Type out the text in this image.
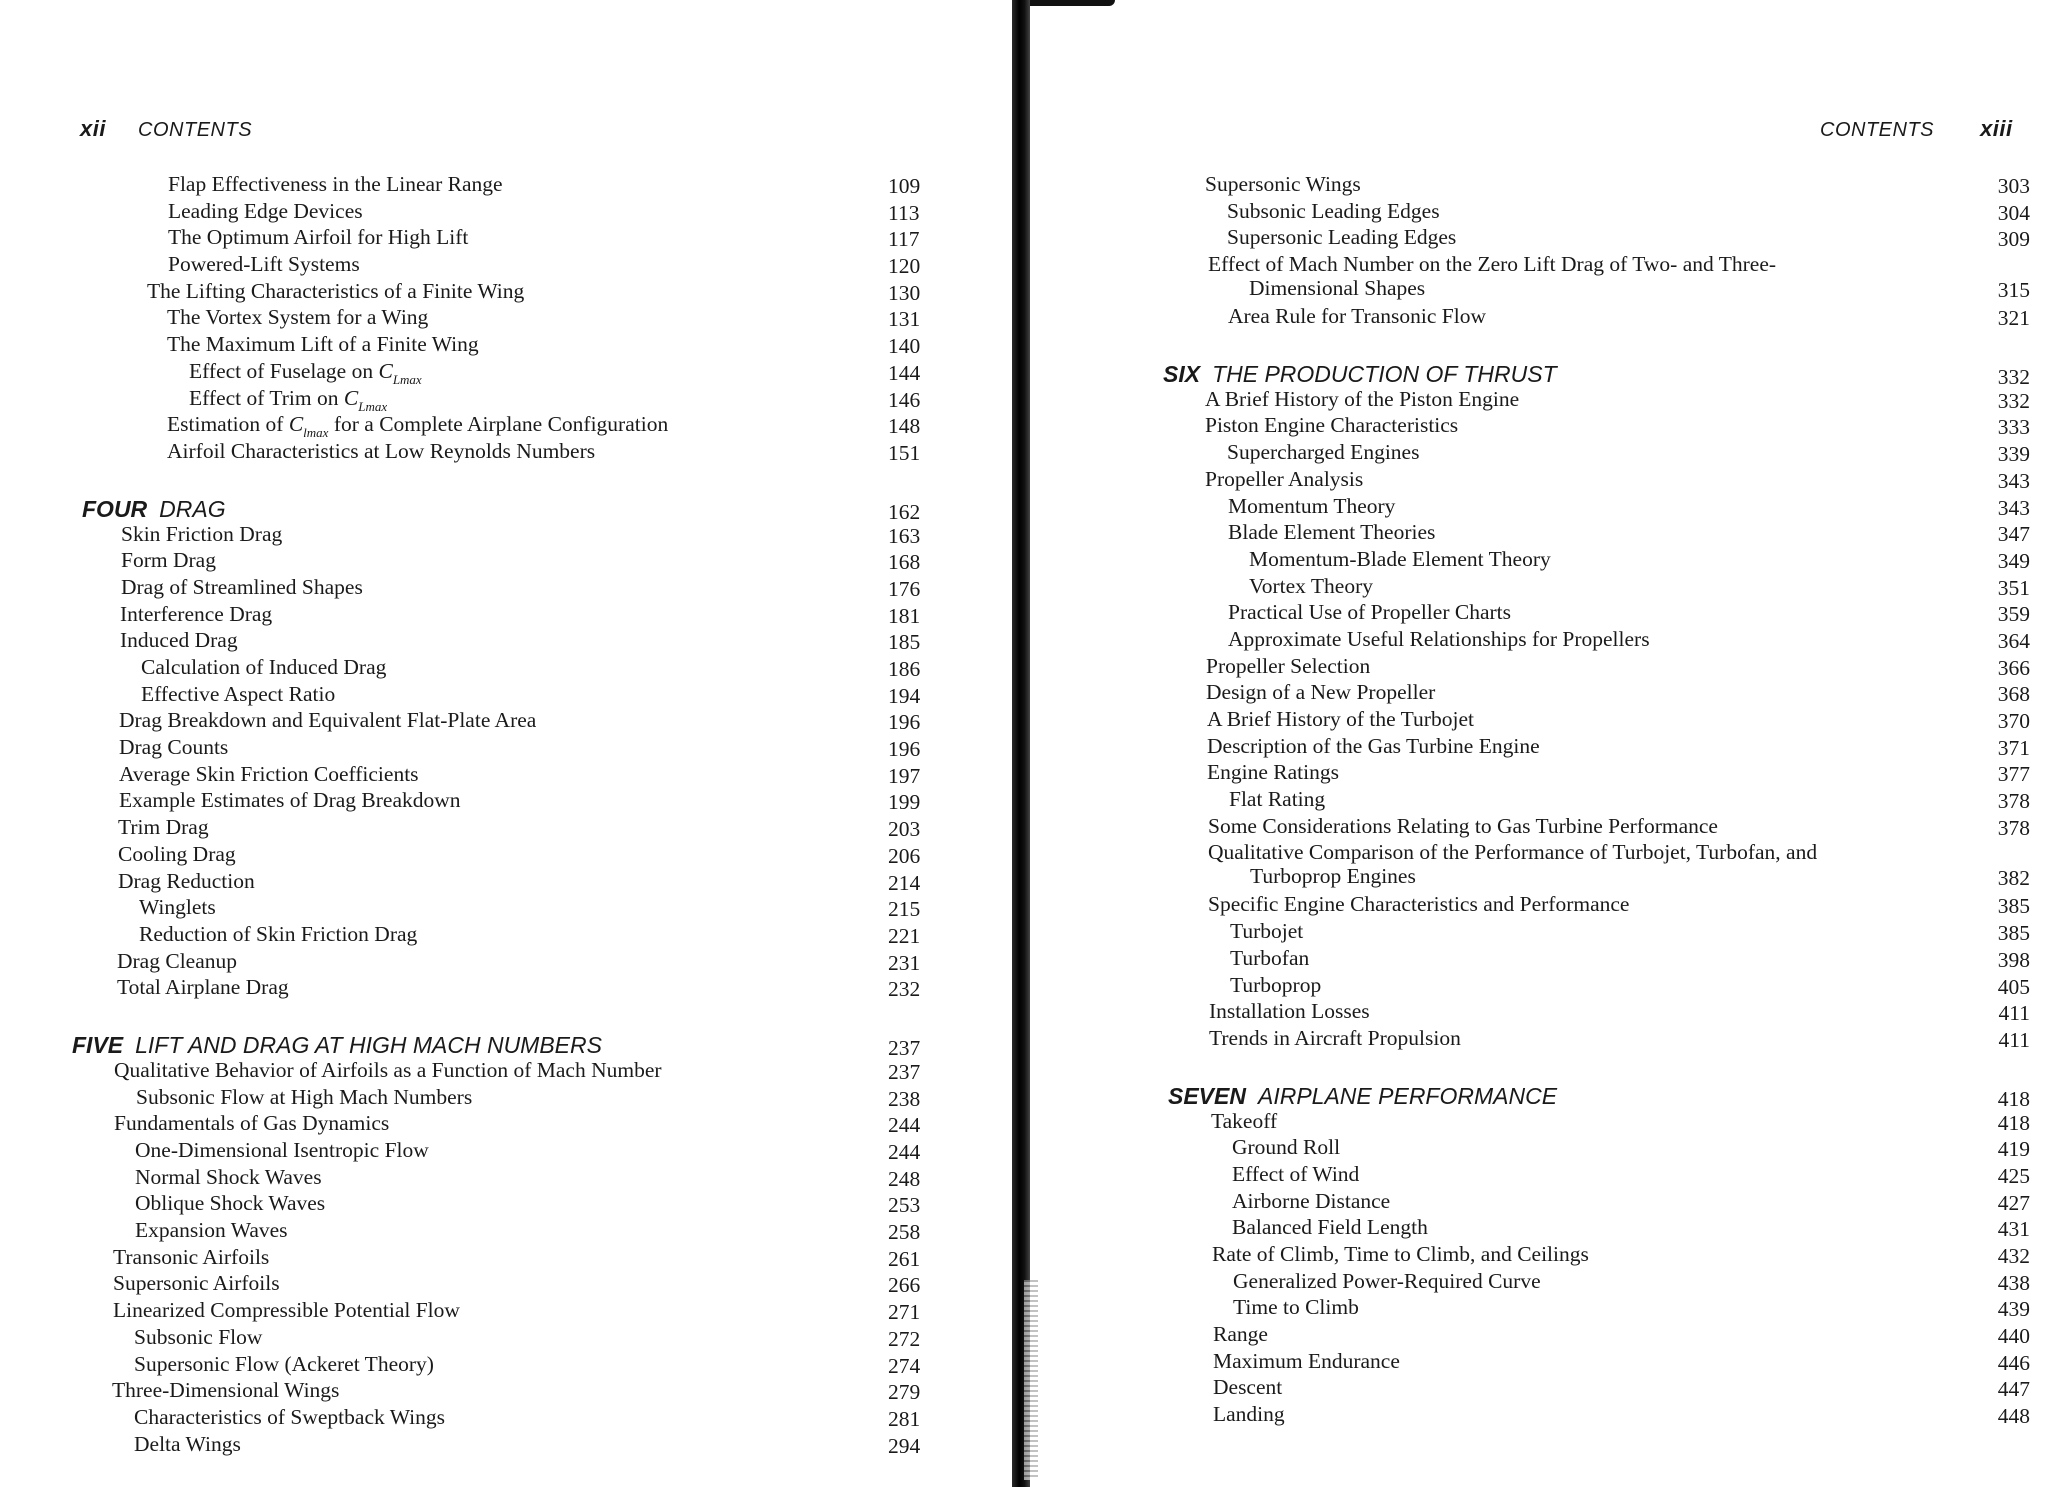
xii CONTENTS
Flap Effectiveness in the Linear Range	109
Leading Edge Devices	113
The Optimum Airfoil for High Lift	117
Powered-Lift Systems	120
The Lifting Characteristics of a Finite Wing	130
The Vortex System for a Wing	131
The Maximum Lift of a Finite Wing	140
Effect of Fuselage on $C_{Lmax}$	144
Effect of Trim on $C_{Lmax}$	146
Estimation of $C_{lmax}$ for a Complete Airplane Configuration	148
Airfoil Characteristics at Low Reynolds Numbers	151
FOUR DRAG	162
Skin Friction Drag	163
Form Drag	168
Drag of Streamlined Shapes	176
Interference Drag	181
Induced Drag	185
Calculation of Induced Drag	186
Effective Aspect Ratio	194
Drag Breakdown and Equivalent Flat-Plate Area	196
Drag Counts	196
Average Skin Friction Coefficients	197
Example Estimates of Drag Breakdown	199
Trim Drag	203
Cooling Drag	206
Drag Reduction	214
Winglets	215
Reduction of Skin Friction Drag	221
Drag Cleanup	231
Total Airplane Drag	232
FIVE LIFT AND DRAG AT HIGH MACH NUMBERS	237
Qualitative Behavior of Airfoils as a Function of Mach Number	237
Subsonic Flow at High Mach Numbers	238
Fundamentals of Gas Dynamics	244
One-Dimensional Isentropic Flow	244
Normal Shock Waves	248
Oblique Shock Waves	253
Expansion Waves	258
Transonic Airfoils	261
Supersonic Airfoils	266
Linearized Compressible Potential Flow	271
Subsonic Flow	272
Supersonic Flow (Ackeret Theory)	274
Three-Dimensional Wings	279
Characteristics of Sweptback Wings	281
Delta Wings	294
CONTENTS xiii
Supersonic Wings	303
Subsonic Leading Edges	304
Supersonic Leading Edges	309
Effect of Mach Number on the Zero Lift Drag of Two- and Three-
Dimensional Shapes	315
Area Rule for Transonic Flow	321
SIX THE PRODUCTION OF THRUST	332
A Brief History of the Piston Engine	332
Piston Engine Characteristics	333
Supercharged Engines	339
Propeller Analysis	343
Momentum Theory	343
Blade Element Theories	347
Momentum-Blade Element Theory	349
Vortex Theory	351
Practical Use of Propeller Charts	359
Approximate Useful Relationships for Propellers	364
Propeller Selection	366
Design of a New Propeller	368
A Brief History of the Turbojet	370
Description of the Gas Turbine Engine	371
Engine Ratings	377
Flat Rating	378
Some Considerations Relating to Gas Turbine Performance	378
Qualitative Comparison of the Performance of Turbojet, Turbofan, and
Turboprop Engines	382
Specific Engine Characteristics and Performance	385
Turbojet	385
Turbofan	398
Turboprop	405
Installation Losses	411
Trends in Aircraft Propulsion	411
SEVEN AIRPLANE PERFORMANCE	418
Takeoff	418
Ground Roll	419
Effect of Wind	425
Airborne Distance	427
Balanced Field Length	431
Rate of Climb, Time to Climb, and Ceilings	432
Generalized Power-Required Curve	438
Time to Climb	439
Range	440
Maximum Endurance	446
Descent	447
Landing	448
